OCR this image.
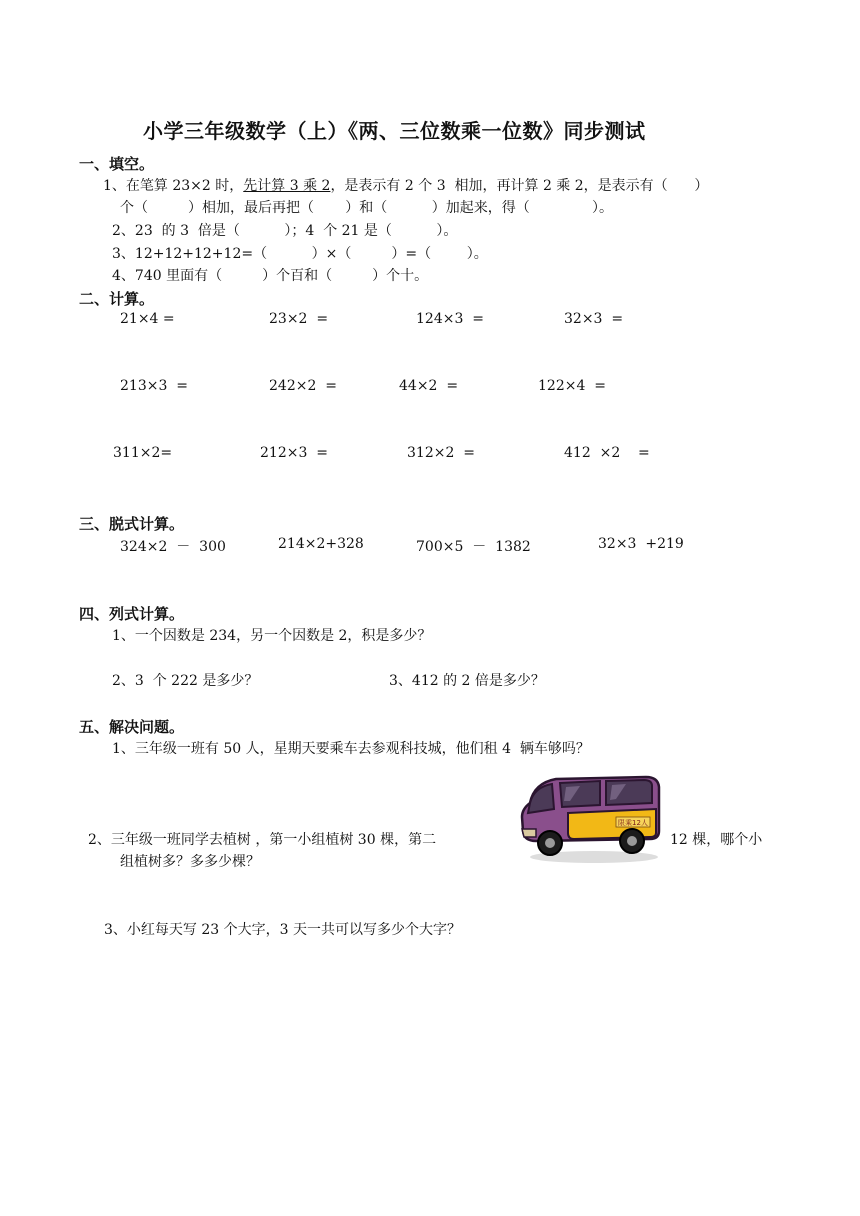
小学三年级数学（上）《两、三位数乘一位数》同步测试
一、填空。
1、在笔算 23×2 时，先计算 3 乘 2，是表示有 2 个 3  相加，再计算 2 乘 2，是表示有（      ）
个（         ）相加，最后再把（       ）和（          ）加起来，得（              ）。
2、23  的 3  倍是（          ）；4  个 21 是（          ）。
3、12+12+12+12=（          ）×（         ）=（        ）。
4、740 里面有（         ）个百和（         ）个十。
二、计算。
21×4 =	23×2  =	124×3  =	32×3  =
213×3  =	242×2  =	44×2  =	122×4  =
311×2=	212×3  =	312×2  =	412  ×2    =
三、脱式计算。
324×2  －  300	214×2+328	700×5  －  1382	32×3  +219
四、列式计算。
1、一个因数是 234，另一个因数是 2，积是多少？
2、3  个 222 是多少？	3、412 的 2 倍是多少？
五、解决问题。
1、三年级一班有 50 人，星期天要乘车去参观科技城，他们租 4  辆车够吗？
2、三年级一班同学去植树 ，第一小组植树 30 棵，第二	12 棵，哪个小
组植树多？多多少棵？
3、小红每天写 23 个大字，3 天一共可以写多少个大字？
限乘12人
